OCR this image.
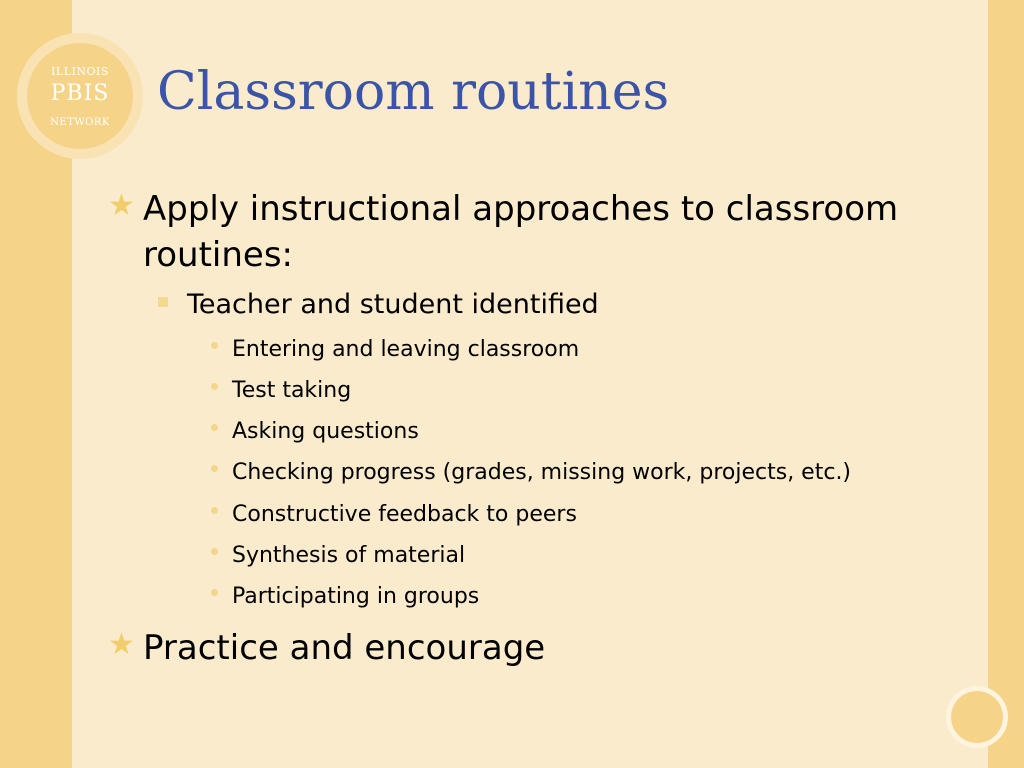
ILLINOIS
PBIS
NETWORK
Classroom routines
★ Apply instructional approaches to classroom
routines:
Teacher and student identified
Entering and leaving classroom
Test taking
Asking questions
Checking progress (grades, missing work, projects, etc.)
Constructive feedback to peers
Synthesis of material
Participating in groups
★ Practice and encourage
